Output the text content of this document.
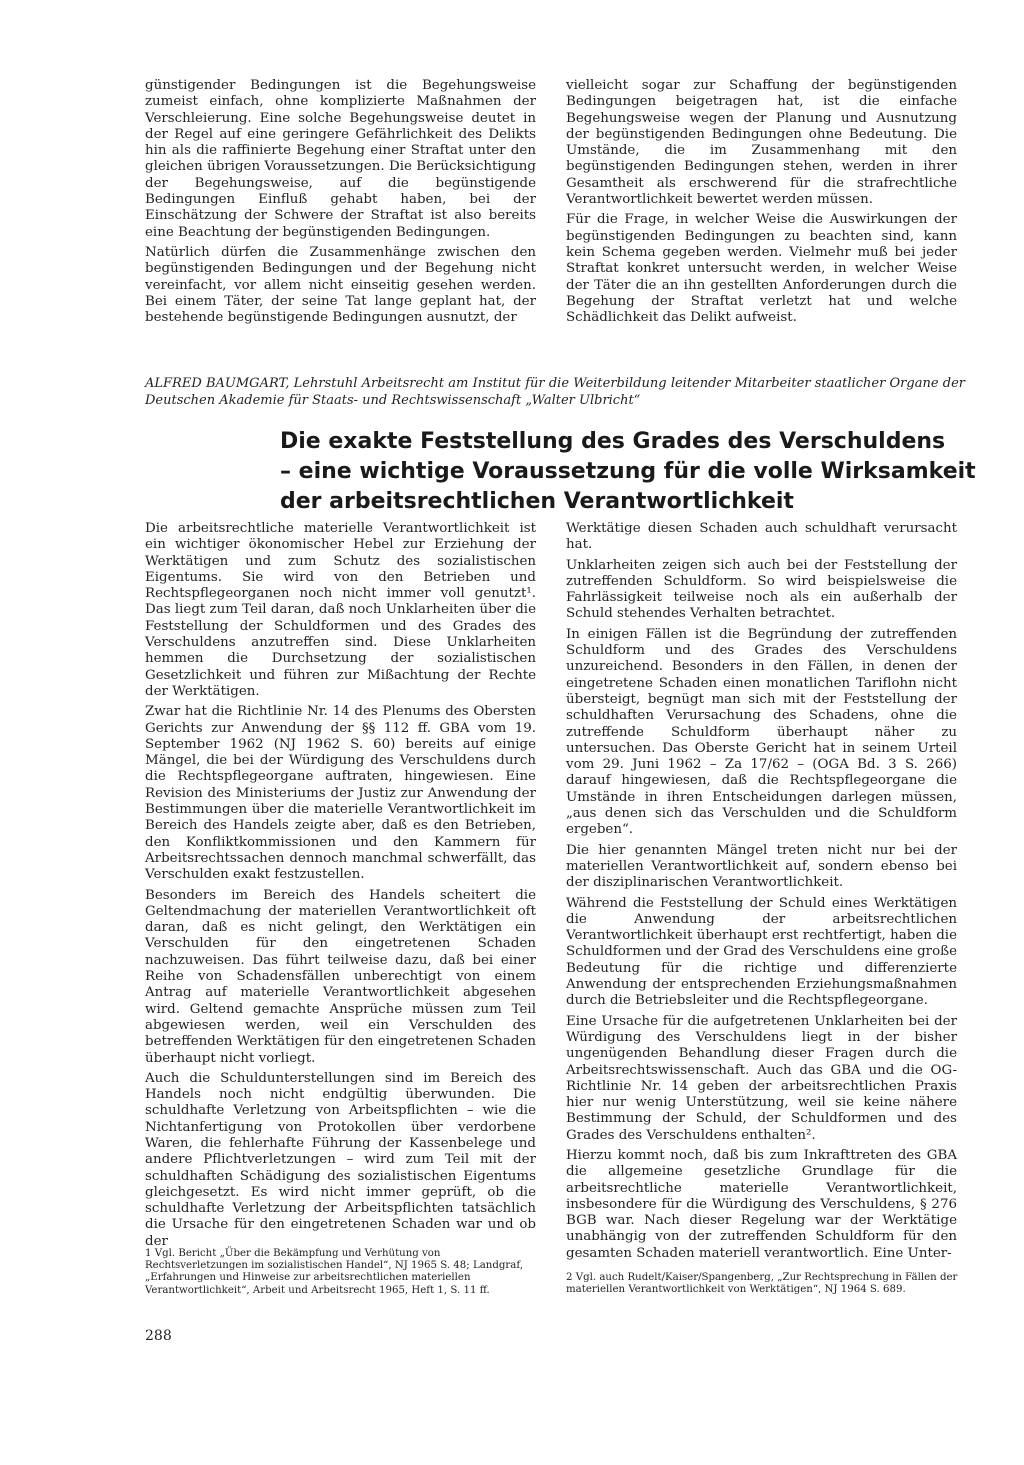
günstigender Bedingungen ist die Begehungsweise zumeist einfach, ohne komplizierte Maßnahmen der Verschleierung. Eine solche Begehungsweise deutet in der Regel auf eine geringere Gefährlichkeit des Delikts hin als die raffinierte Begehung einer Straftat unter den gleichen übrigen Voraussetzungen. Die Berücksichtigung der Begehungsweise, auf die begünstigende Bedingungen Einfluß gehabt haben, bei der Einschätzung der Schwere der Straftat ist also bereits eine Beachtung der begünstigenden Bedingungen.

Natürlich dürfen die Zusammenhänge zwischen den begünstigenden Bedingungen und der Begehung nicht vereinfacht, vor allem nicht einseitig gesehen werden. Bei einem Täter, der seine Tat lange geplant hat, der bestehende begünstigende Bedingungen ausnutzt, der

vielleicht sogar zur Schaffung der begünstigenden Bedingungen beigetragen hat, ist die einfache Begehungsweise wegen der Planung und Ausnutzung der begünstigenden Bedingungen ohne Bedeutung. Die Umstände, die im Zusammenhang mit den begünstigenden Bedingungen stehen, werden in ihrer Gesamtheit als erschwerend für die strafrechtliche Verantwortlichkeit bewertet werden müssen.

Für die Frage, in welcher Weise die Auswirkungen der begünstigenden Bedingungen zu beachten sind, kann kein Schema gegeben werden. Vielmehr muß bei jeder Straftat konkret untersucht werden, in welcher Weise der Täter die an ihn gestellten Anforderungen durch die Begehung der Straftat verletzt hat und welche Schädlichkeit das Delikt aufweist.

ALFRED BAUMGART, Lehrstuhl Arbeitsrecht am Institut für die Weiterbildung leitender Mitarbeiter staatlicher Organe der Deutschen Akademie für Staats- und Rechtswissenschaft „Walter Ulbricht“
Die exakte Feststellung des Grades des Verschuldens
– eine wichtige Voraussetzung für die volle Wirksamkeit
der arbeitsrechtlichen Verantwortlichkeit

Die arbeitsrechtliche materielle Verantwortlichkeit ist ein wichtiger ökonomischer Hebel zur Erziehung der Werktätigen und zum Schutz des sozialistischen Eigentums. Sie wird von den Betrieben und Rechtspflegeorganen noch nicht immer voll genutzt¹. Das liegt zum Teil daran, daß noch Unklarheiten über die Feststellung der Schuldformen und des Grades des Verschuldens anzutreffen sind. Diese Unklarheiten hemmen die Durchsetzung der sozialistischen Gesetzlichkeit und führen zur Mißachtung der Rechte der Werktätigen.

Zwar hat die Richtlinie Nr. 14 des Plenums des Obersten Gerichts zur Anwendung der §§ 112 ff. GBA vom 19. September 1962 (NJ 1962 S. 60) bereits auf einige Mängel, die bei der Würdigung des Verschuldens durch die Rechtspflegeorgane auftraten, hingewiesen. Eine Revision des Ministeriums der Justiz zur Anwendung der Bestimmungen über die materielle Verantwortlichkeit im Bereich des Handels zeigte aber, daß es den Betrieben, den Konfliktkommissionen und den Kammern für Arbeitsrechtssachen dennoch manchmal schwerfällt, das Verschulden exakt festzustellen.

Besonders im Bereich des Handels scheitert die Geltendmachung der materiellen Verantwortlichkeit oft daran, daß es nicht gelingt, den Werktätigen ein Verschulden für den eingetretenen Schaden nachzuweisen. Das führt teilweise dazu, daß bei einer Reihe von Schadensfällen unberechtigt von einem Antrag auf materielle Verantwortlichkeit abgesehen wird. Geltend gemachte Ansprüche müssen zum Teil abgewiesen werden, weil ein Verschulden des betreffenden Werktätigen für den eingetretenen Schaden überhaupt nicht vorliegt.

Auch die Schuldunterstellungen sind im Bereich des Handels noch nicht endgültig überwunden. Die schuldhafte Verletzung von Arbeitspflichten – wie die Nichtanfertigung von Protokollen über verdorbene Waren, die fehlerhafte Führung der Kassenbelege und andere Pflichtverletzungen – wird zum Teil mit der schuldhaften Schädigung des sozialistischen Eigentums gleichgesetzt. Es wird nicht immer geprüft, ob die schuldhafte Verletzung der Arbeitspflichten tatsächlich die Ursache für den eingetretenen Schaden war und ob der

Werktätige diesen Schaden auch schuldhaft verursacht hat.

Unklarheiten zeigen sich auch bei der Feststellung der zutreffenden Schuldform. So wird beispielsweise die Fahrlässigkeit teilweise noch als ein außerhalb der Schuld stehendes Verhalten betrachtet.

In einigen Fällen ist die Begründung der zutreffenden Schuldform und des Grades des Verschuldens unzureichend. Besonders in den Fällen, in denen der eingetretene Schaden einen monatlichen Tariflohn nicht übersteigt, begnügt man sich mit der Feststellung der schuldhaften Verursachung des Schadens, ohne die zutreffende Schuldform überhaupt näher zu untersuchen. Das Oberste Gericht hat in seinem Urteil vom 29. Juni 1962 – Za 17/62 – (OGA Bd. 3 S. 266) darauf hingewiesen, daß die Rechtspflegeorgane die Umstände in ihren Entscheidungen darlegen müssen, „aus denen sich das Verschulden und die Schuldform ergeben“.

Die hier genannten Mängel treten nicht nur bei der materiellen Verantwortlichkeit auf, sondern ebenso bei der disziplinarischen Verantwortlichkeit.

Während die Feststellung der Schuld eines Werktätigen die Anwendung der arbeitsrechtlichen Verantwortlichkeit überhaupt erst rechtfertigt, haben die Schuldformen und der Grad des Verschuldens eine große Bedeutung für die richtige und differenzierte Anwendung der entsprechenden Erziehungsmaßnahmen durch die Betriebsleiter und die Rechtspflegeorgane.

Eine Ursache für die aufgetretenen Unklarheiten bei der Würdigung des Verschuldens liegt in der bisher ungenügenden Behandlung dieser Fragen durch die Arbeitsrechtswissenschaft. Auch das GBA und die OG-Richtlinie Nr. 14 geben der arbeitsrechtlichen Praxis hier nur wenig Unterstützung, weil sie keine nähere Bestimmung der Schuld, der Schuldformen und des Grades des Verschuldens enthalten².

Hierzu kommt noch, daß bis zum Inkrafttreten des GBA die allgemeine gesetzliche Grundlage für die arbeitsrechtliche materielle Verantwortlichkeit, insbesondere für die Würdigung des Verschuldens, § 276 BGB war. Nach dieser Regelung war der Werktätige unabhängig von der zutreffenden Schuldform für den gesamten Schaden materiell verantwortlich. Eine Unter-

1 Vgl. Bericht „Über die Bekämpfung und Verhütung von Rechtsverletzungen im sozialistischen Handel“, NJ 1965 S. 48; Landgraf, „Erfahrungen und Hinweise zur arbeitsrechtlichen materiellen Verantwortlichkeit“, Arbeit und Arbeitsrecht 1965, Heft 1, S. 11 ff.
2 Vgl. auch Rudelt/Kaiser/Spangenberg, „Zur Rechtsprechung in Fällen der materiellen Verantwortlichkeit von Werktätigen“, NJ 1964 S. 689.
288
